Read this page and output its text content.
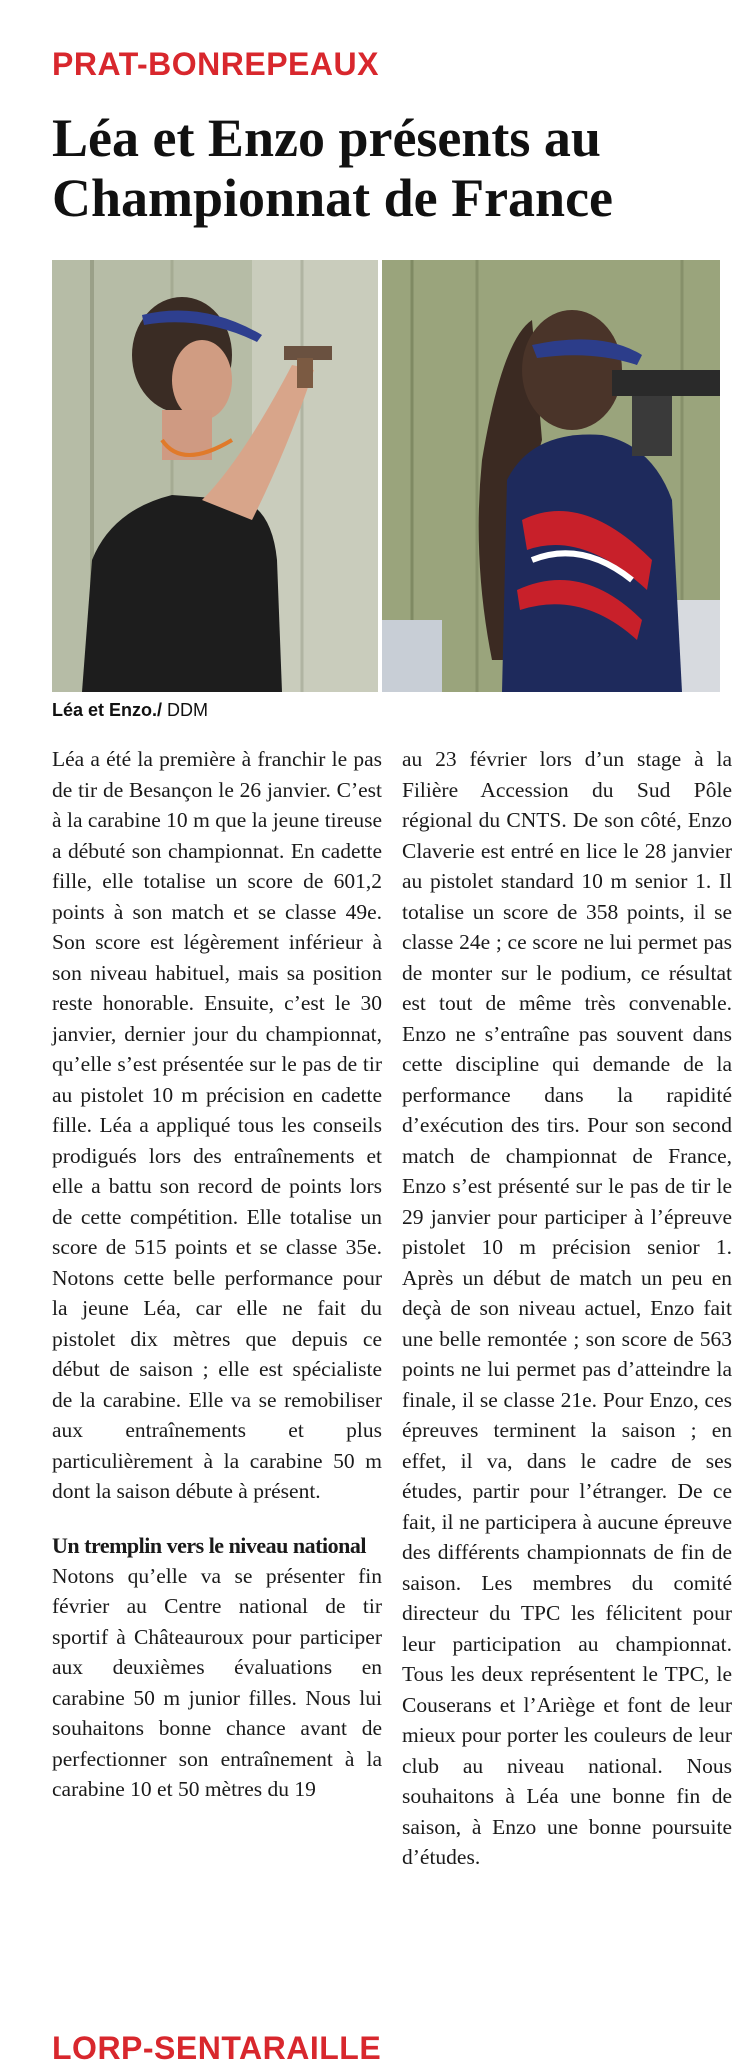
PRAT-BONREPEAUX
Léa et Enzo présents au Championnat de France
Léa et Enzo./ DDM

Léa a été la première à franchir le pas de tir de Besançon le 26 janvier. C’est à la carabine 10 m que la jeune tireuse a débuté son championnat. En cadette fille, elle totalise un score de 601,2 points à son match et se classe 49e. Son score est légèrement inférieur à son niveau habituel, mais sa position reste honorable. Ensuite, c’est le 30 janvier, dernier jour du championnat, qu’elle s’est présentée sur le pas de tir au pistolet 10 m précision en cadette fille. Léa a appliqué tous les conseils prodigués lors des entraînements et elle a battu son record de points lors de cette compétition. Elle totalise un score de 515 points et se classe 35e. Notons cette belle performance pour la jeune Léa, car elle ne fait du pistolet dix mètres que depuis ce début de saison ; elle est spécialiste de la carabine. Elle va se remobiliser aux entraînements et plus particulièrement à la carabine 50 m dont la saison débute à présent.

Un tremplin vers le niveau national

Notons qu’elle va se présenter fin février au Centre national de tir sportif à Châteauroux pour participer aux deuxièmes évaluations en carabine 50 m junior filles. Nous lui souhaitons bonne chance avant de perfectionner son entraînement à la carabine 10 et 50 mètres du 19

au 23 février lors d’un stage à la Filière Accession du Sud Pôle régional du CNTS. De son côté, Enzo Claverie est entré en lice le 28 janvier au pistolet standard 10 m senior 1. Il totalise un score de 358 points, il se classe 24e ; ce score ne lui permet pas de monter sur le podium, ce résultat est tout de même très convenable. Enzo ne s’entraîne pas souvent dans cette discipline qui demande de la performance dans la rapidité d’exécution des tirs. Pour son second match de championnat de France, Enzo s’est présenté sur le pas de tir le 29 janvier pour participer à l’épreuve pistolet 10 m précision senior 1. Après un début de match un peu en deçà de son niveau actuel, Enzo fait une belle remontée ; son score de 563 points ne lui permet pas d’atteindre la finale, il se classe 21e. Pour Enzo, ces épreuves terminent la saison ; en effet, il va, dans le cadre de ses études, partir pour l’étranger. De ce fait, il ne participera à aucune épreuve des différents championnats de fin de saison. Les membres du comité directeur du TPC les félicitent pour leur participation au championnat. Tous les deux représentent le TPC, le Couserans et l’Ariège et font de leur mieux pour porter les couleurs de leur club au niveau national. Nous souhaitons à Léa une bonne fin de saison, à Enzo une bonne poursuite d’études.

LORP-SENTARAILLE
